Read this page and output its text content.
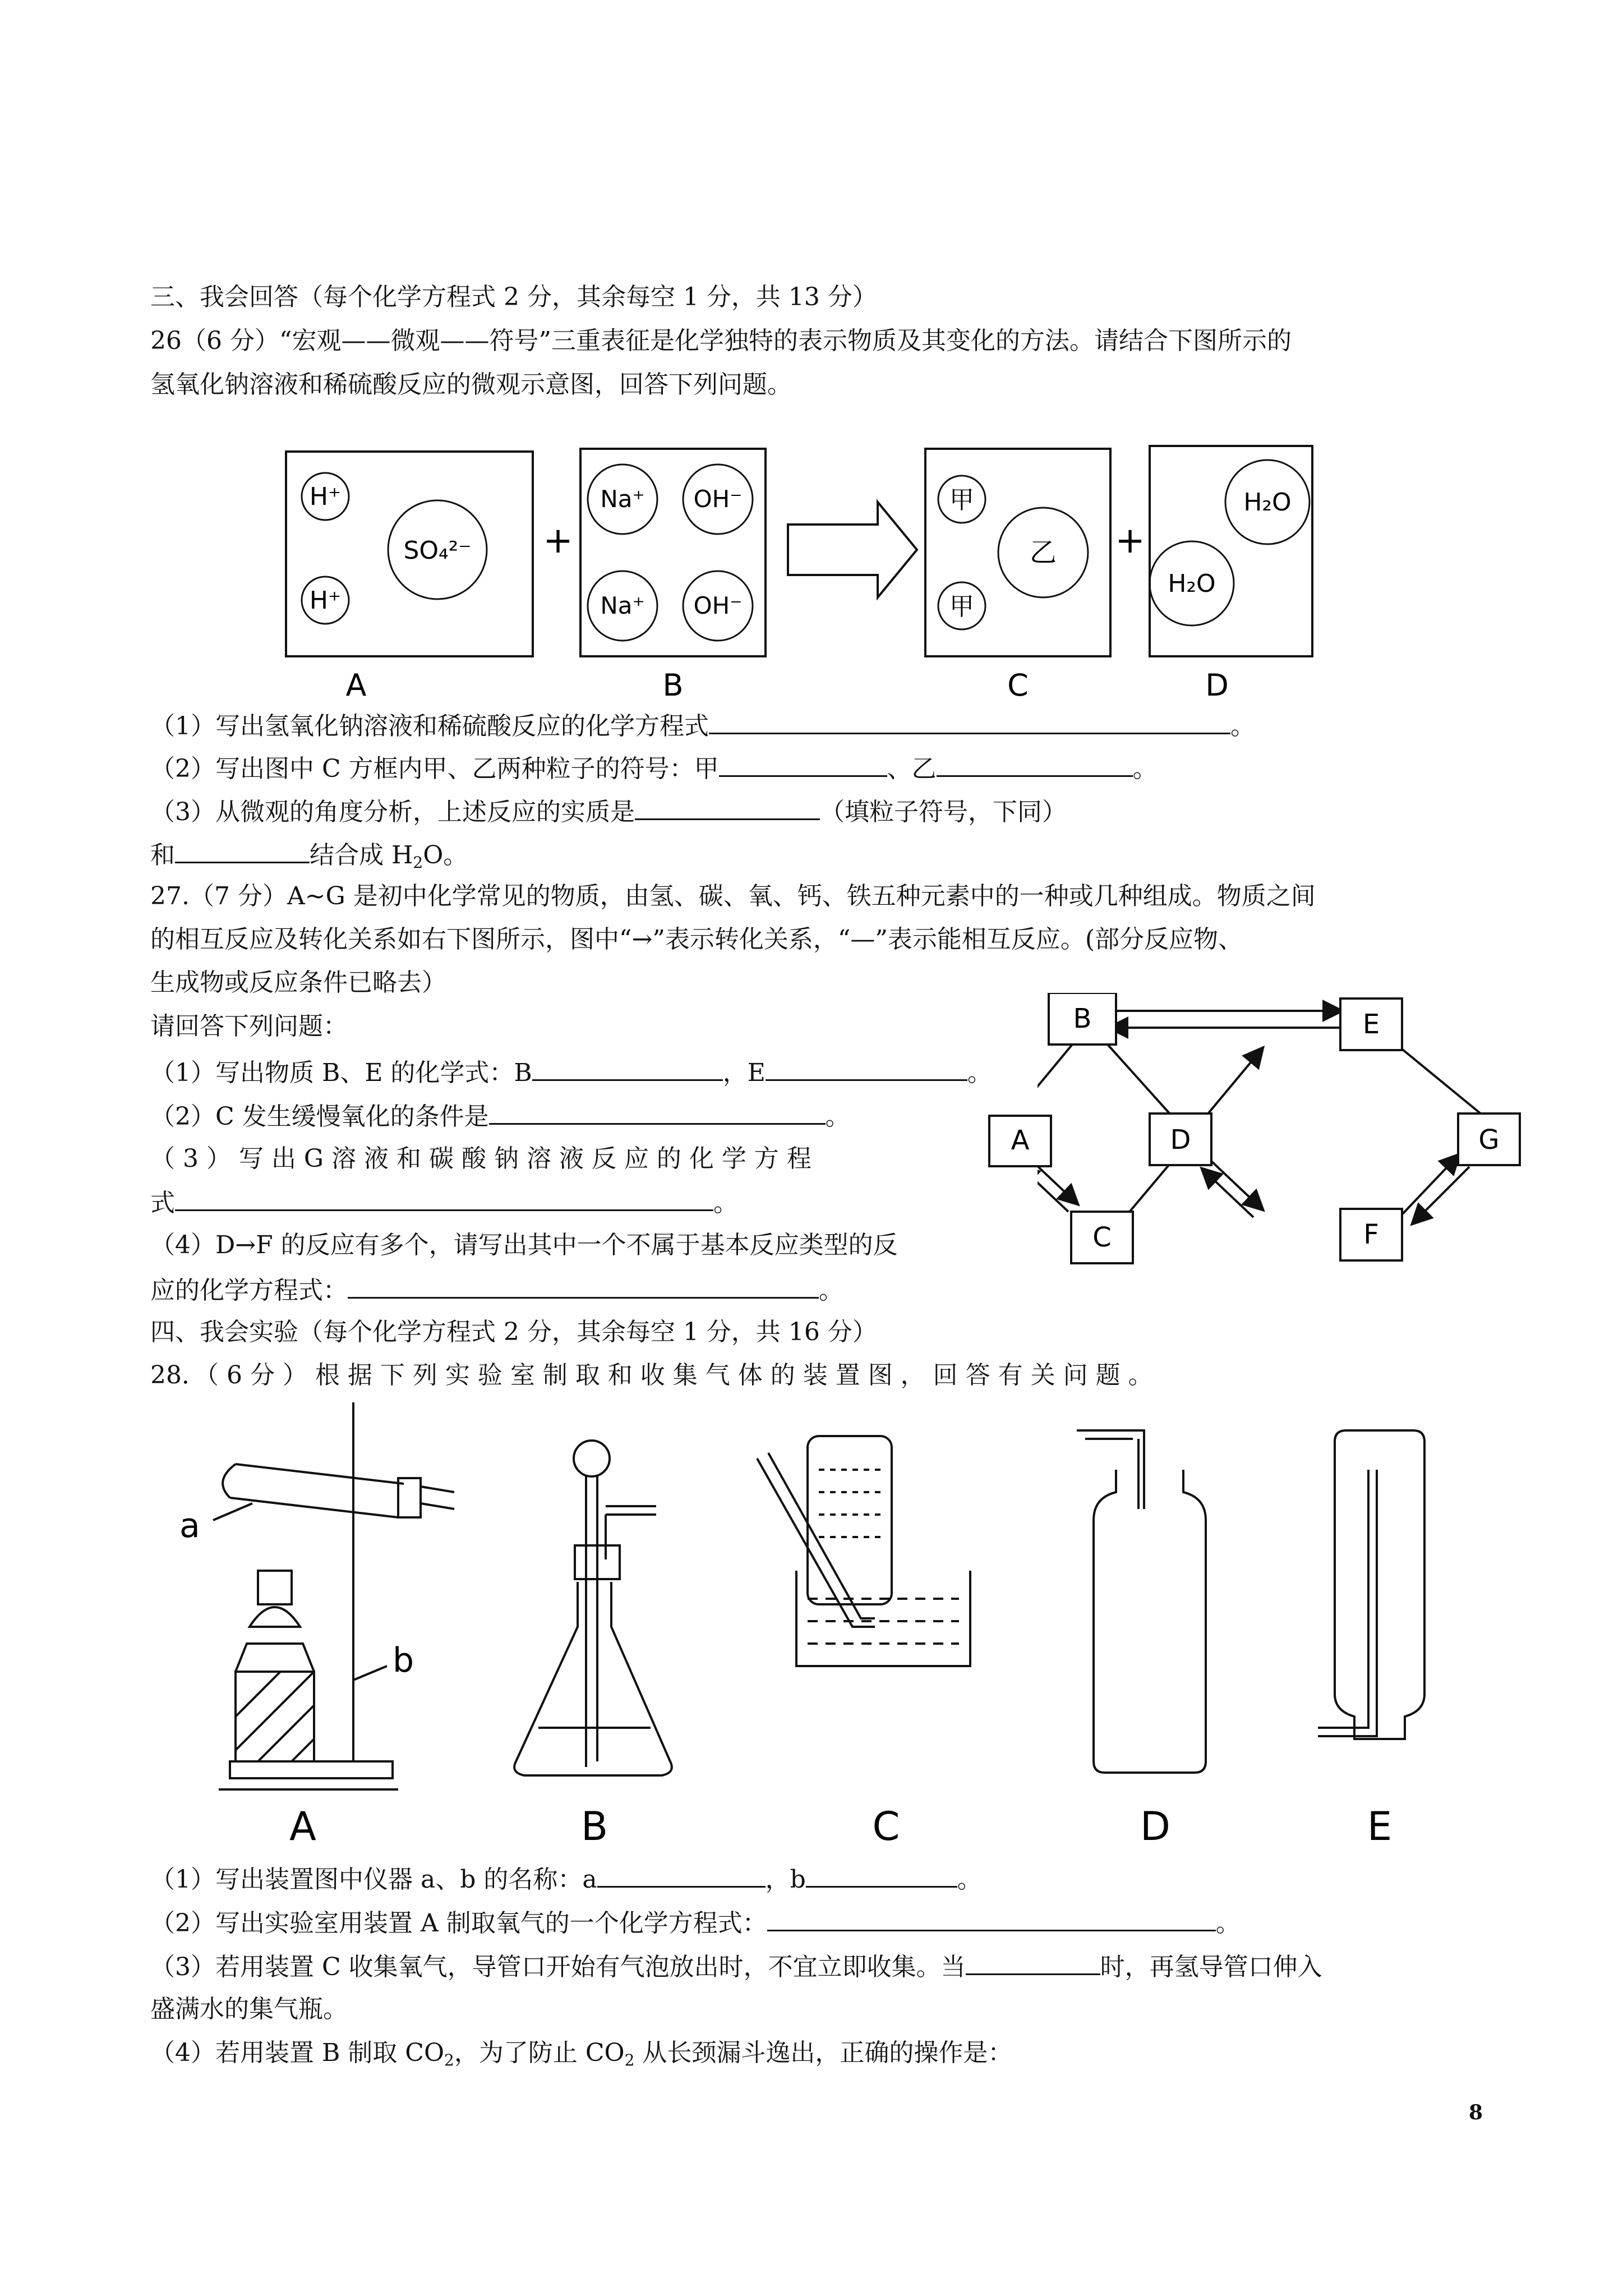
三、我会回答（每个化学方程式 2 分，其余每空 1 分，共 13 分）
26（6 分）“宏观——微观——符号”三重表征是化学独特的表示物质及其变化的方法。请结合下图所示的
氢氧化钠溶液和稀硫酸反应的微观示意图，回答下列问题。
H⁺
H⁺
SO₄²⁻
A
+
Na⁺ OH⁻
Na⁺ OH⁻
B
甲
甲
乙
C
+
H₂O
H₂O
D
（1）写出氢氧化钠溶液和稀硫酸反应的化学方程式	。
（2）写出图中 C 方框内甲、乙两种粒子的符号：甲	、乙	。
（3）从微观的角度分析，上述反应的实质是	（填粒子符号，下同）
和	结合成 $H_2O$。
27.（7 分）A~G 是初中化学常见的物质，由氢、碳、氧、钙、铁五种元素中的一种或几种组成。物质之间
的相互反应及转化关系如右下图所示，图中“→”表示转化关系，“—”表示能相互反应。(部分反应物、
生成物或反应条件已略去）
请回答下列问题：
（1）写出物质 B、E 的化学式：B	，E	。
（2）C 发生缓慢氧化的条件是	。
（ 3 ） 写 出 G 溶 液 和 碳 酸 钠 溶 液 反 应 的 化 学 方 程
式	。
（4）D→F 的反应有多个，请写出其中一个不属于基本反应类型的反
应的化学方程式：	。
B	E
D	G
C	F
A
四、我会实验（每个化学方程式 2 分，其余每空 1 分，共 16 分）
28．（ 6 分 ） 根 据 下 列 实 验 室 制 取 和 收 集 气 体 的 装 置 图 ， 回 答 有 关 问 题 。
a
b
A	B	C	D	E
（1）写出装置图中仪器 a、b 的名称：a	，b	。
（2）写出实验室用装置 A 制取氧气的一个化学方程式：	。
（3）若用装置 C 收集氧气，导管口开始有气泡放出时，不宜立即收集。当	时，再氢导管口伸入
盛满水的集气瓶。
（4）若用装置 B 制取 $CO_2$，为了防止 $CO_2$ 从长颈漏斗逸出，正确的操作是：
8
